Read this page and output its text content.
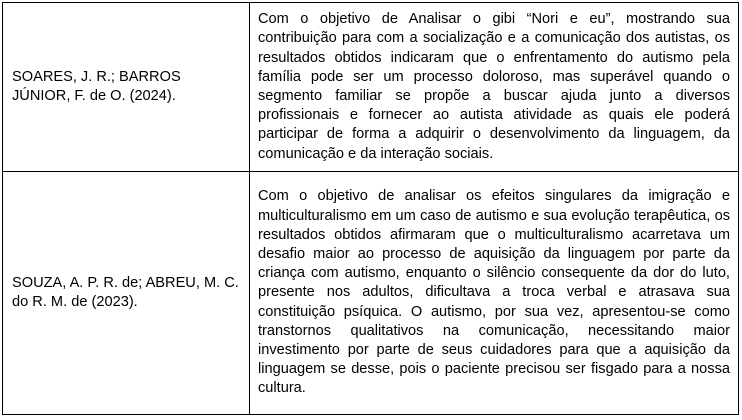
SOARES, J. R.; BARROS JÚNIOR, F. de O. (2024).	Com o objetivo de Analisar o gibi “Nori e eu”, mostrando sua contribuição para com a socialização e a comunicação dos autistas, os resultados obtidos indicaram que o enfrentamento do autismo pela família pode ser um processo doloroso, mas superável quando o segmento familiar se propõe a buscar ajuda junto a diversos profissionais e fornecer ao autista atividade as quais ele poderá participar de forma a adquirir o desenvolvimento da linguagem, da comunicação e da interação sociais.

SOUZA, A. P. R. de; ABREU, M. C. do R. M. de (2023).	Com o objetivo de analisar os efeitos singulares da imigração e multiculturalismo em um caso de autismo e sua evolução terapêutica, os resultados obtidos afirmaram que o multiculturalismo acarretava um desafio maior ao processo de aquisição da linguagem por parte da criança com autismo, enquanto o silêncio consequente da dor do luto, presente nos adultos, dificultava a troca verbal e atrasava sua constituição psíquica. O autismo, por sua vez, apresentou-se como transtornos qualitativos na comunicação, necessitando maior investimento por parte de seus cuidadores para que a aquisição da linguagem se desse, pois o paciente precisou ser fisgado para a nossa cultura.
